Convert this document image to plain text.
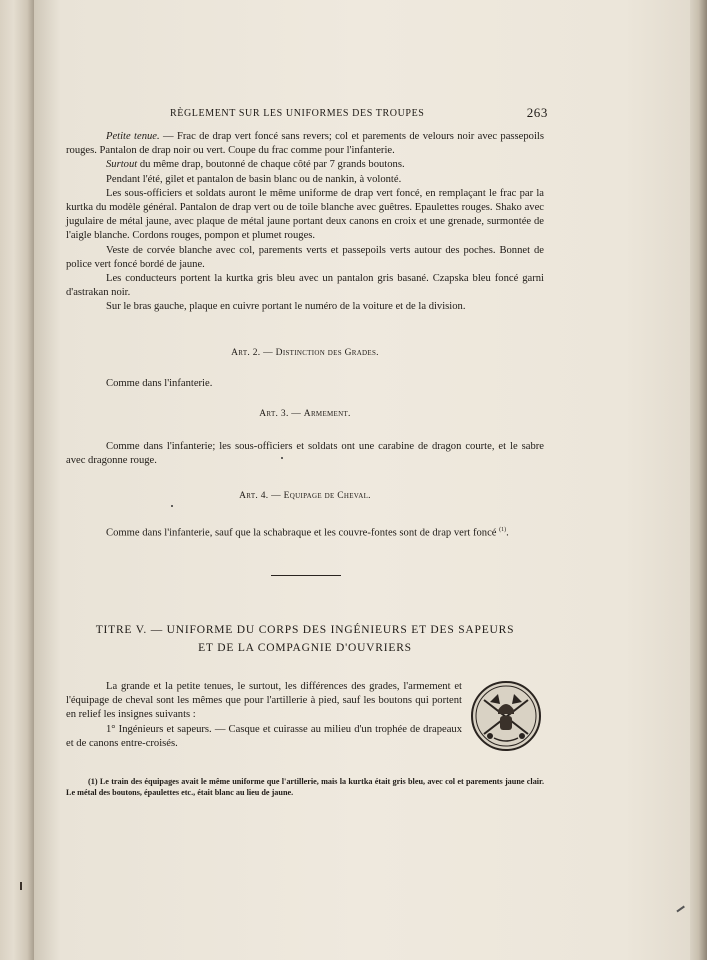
RÈGLEMENT SUR LES UNIFORMES DES TROUPES	263

Petite tenue. — Frac de drap vert foncé sans revers; col et parements de velours noir avec passepoils rouges. Pantalon de drap noir ou vert. Coupe du frac comme pour l'infanterie.

Surtout du même drap, boutonné de chaque côté par 7 grands boutons.

Pendant l'été, gilet et pantalon de basin blanc ou de nankin, à volonté.

Les sous-officiers et soldats auront le même uniforme de drap vert foncé, en remplaçant le frac par la kurtka du modèle général. Pantalon de drap vert ou de toile blanche avec guêtres. Epaulettes rouges. Shako avec jugulaire de métal jaune, avec plaque de métal jaune portant deux canons en croix et une grenade, surmontée de l'aigle blanche. Cordons rouges, pompon et plumet rouges.

Veste de corvée blanche avec col, parements verts et passepoils verts autour des poches. Bonnet de police vert foncé bordé de jaune.

Les conducteurs portent la kurtka gris bleu avec un pantalon gris basané. Czapska bleu foncé garni d'astrakan noir.

Sur le bras gauche, plaque en cuivre portant le numéro de la voiture et de la division.

Art. 2. — Distinction des Grades.

Comme dans l'infanterie.

Art. 3. — Armement.

Comme dans l'infanterie; les sous-officiers et soldats ont une carabine de dragon courte, et le sabre avec dragonne rouge.

Art. 4. — Equipage de Cheval.

Comme dans l'infanterie, sauf que la schabraque et les couvre-fontes sont de drap vert foncé $^{(1)}$.

TITRE V. — UNIFORME DU CORPS DES INGÉNIEURS ET DES SAPEURS
ET DE LA COMPAGNIE D'OUVRIERS

La grande et la petite tenues, le surtout, les différences des grades, l'armement et l'équipage de cheval sont les mêmes que pour l'artillerie à pied, sauf les boutons qui portent en relief les insignes suivants :

1° Ingénieurs et sapeurs. — Casque et cuirasse au milieu d'un trophée de drapeaux et de canons entre-croisés.

(1) Le train des équipages avait le même uniforme que l'artillerie, mais la kurtka était gris bleu, avec col et parements jaune clair. Le métal des boutons, épaulettes etc., était blanc au lieu de jaune.
